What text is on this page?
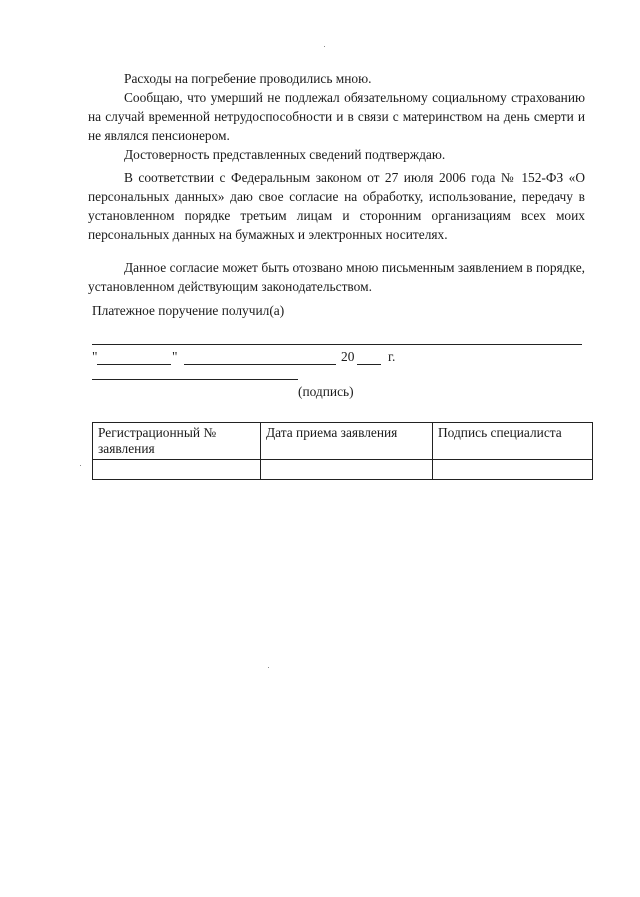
Расходы на погребение проводились мною.

Сообщаю, что умерший не подлежал обязательному социальному страхованию на случай временной нетрудоспособности и в связи с материнством на день смерти и не являлся пенсионером.

Достоверность представленных сведений подтверждаю.

В соответствии с Федеральным законом от 27 июля 2006 года № 152-ФЗ «О персональных данных» даю свое согласие на обработку, использование, передачу в установленном порядке третьим лицам и сторонним организациям всех моих персональных данных на бумажных и электронных носителях.

Данное согласие может быть отозвано мною письменным заявлением в порядке, установленном действующим законодательством.

Платежное поручение получил(а)
"	"	20	г.
(подпись)
Регистрационный № заявления	Дата приема заявления	Подпись специалиста
